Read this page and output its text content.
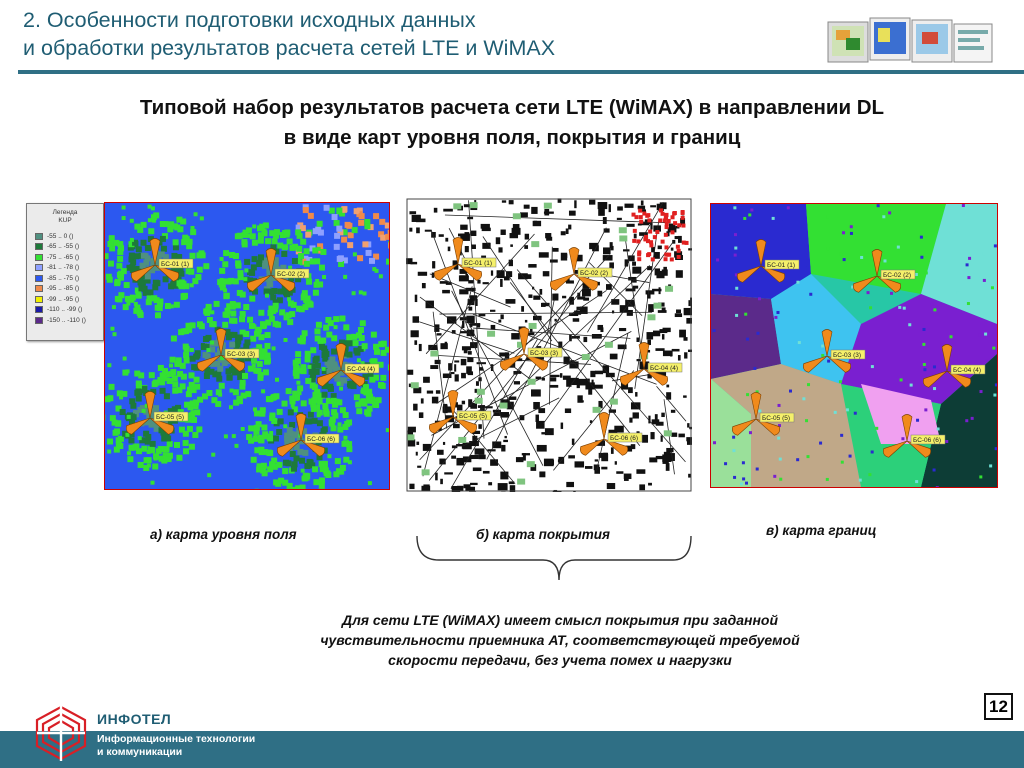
2. Особенности подготовки исходных данных
и обработки результатов расчета сетей LTE и WiMAX
Типовой набор результатов расчета сети LTE (WiMAX) в направлении DL
в виде карт уровня поля, покрытия и границ
Легенда
KUP
-55 .. 0 ()
-65 .. -55 ()
-75 .. -65 ()
-81 .. -78 ()
-85 .. -75 ()
-95 .. -85 ()
-99 .. -95 ()
-110 .. -99 ()
-150 .. -110 ()
БС-01 (1)
БС-02 (2)
БС-03 (3)
БС-04 (4)
БС-05 (5)
БС-06 (6)
БС-01 (1)
БС-02 (2)
БС-03 (3)
БС-04 (4)
БС-05 (5)
БС-06 (6)
БС-01 (1)
БС-02 (2)
БС-03 (3)
БС-04 (4)
БС-05 (5)
БС-06 (6)
а) карта уровня поля	б) карта покрытия	в) карта границ
Для сети LTE (WiMAX) имеет смысл покрытия при заданной
чувствительности приемника АТ, соответствующей требуемой
скорости передачи, без учета помех и нагрузки
12
ИНФОТЕЛ
Информационные технологии
и коммуникации
